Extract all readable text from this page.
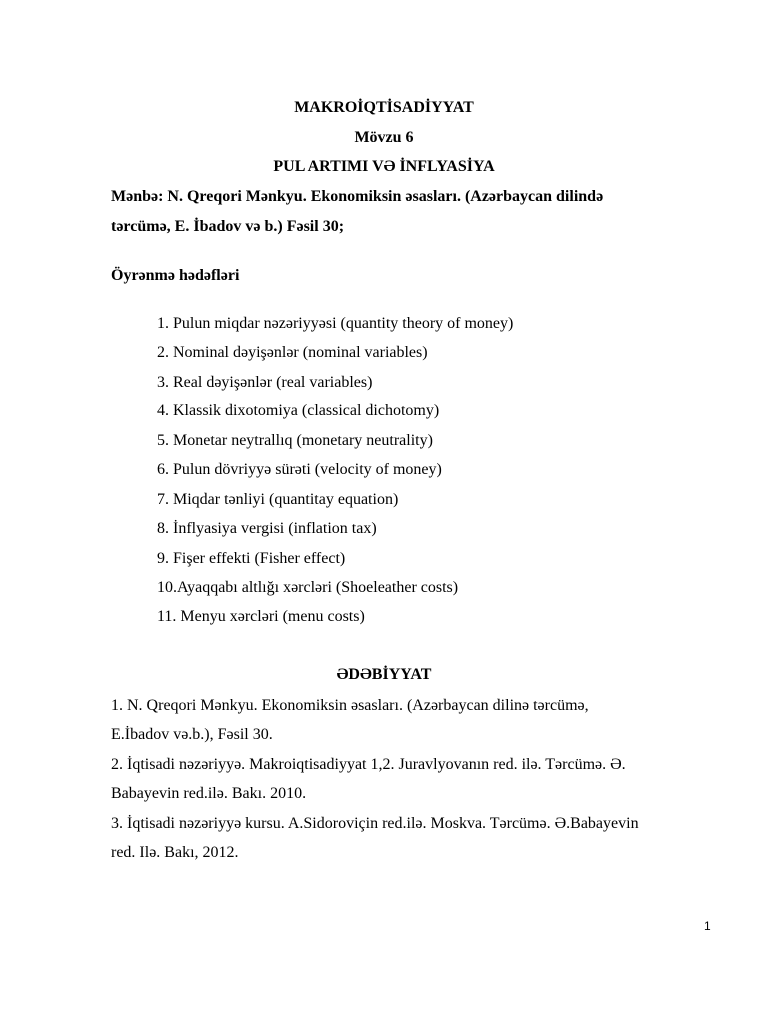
MAKROİQTİSADİYYAT
Mövzu 6
PUL ARTIMI VƏ İNFLYASİYA
Mənbə: N. Qreqori Mənkyu. Ekonomiksin əsasları. (Azərbaycan dilində
tərcümə, E. İbadov və b.) Fəsil 30;
Öyrənmə hədəfləri
1. Pulun miqdar nəzəriyyəsi (quantity theory of money)
2. Nominal dəyişənlər (nominal variables)
3. Real dəyişənlər (real variables)
4. Klassik dixotomiya (classical dichotomy)
5. Monetar neytrallıq (monetary neutrality)
6. Pulun dövriyyə sürəti (velocity of money)
7. Miqdar tənliyi (quantitay equation)
8. İnflyasiya vergisi (inflation tax)
9. Fişer effekti (Fisher effect)
10.Ayaqqabı altlığı xərcləri (Shoeleather costs)
11. Menyu xərcləri (menu costs)
ƏDƏBİYYAT
1. N. Qreqori Mənkyu. Ekonomiksin əsasları. (Azərbaycan dilinə tərcümə,
E.İbadov və.b.), Fəsil 30.
2. İqtisadi nəzəriyyə. Makroiqtisadiyyat 1,2. Juravlyovanın red. ilə. Tərcümə. Ə.
Babayevin red.ilə. Bakı. 2010.
3. İqtisadi nəzəriyyə kursu. A.Sidoroviçin red.ilə. Moskva. Tərcümə. Ə.Babayevin
red. Ilə. Bakı, 2012.
1
